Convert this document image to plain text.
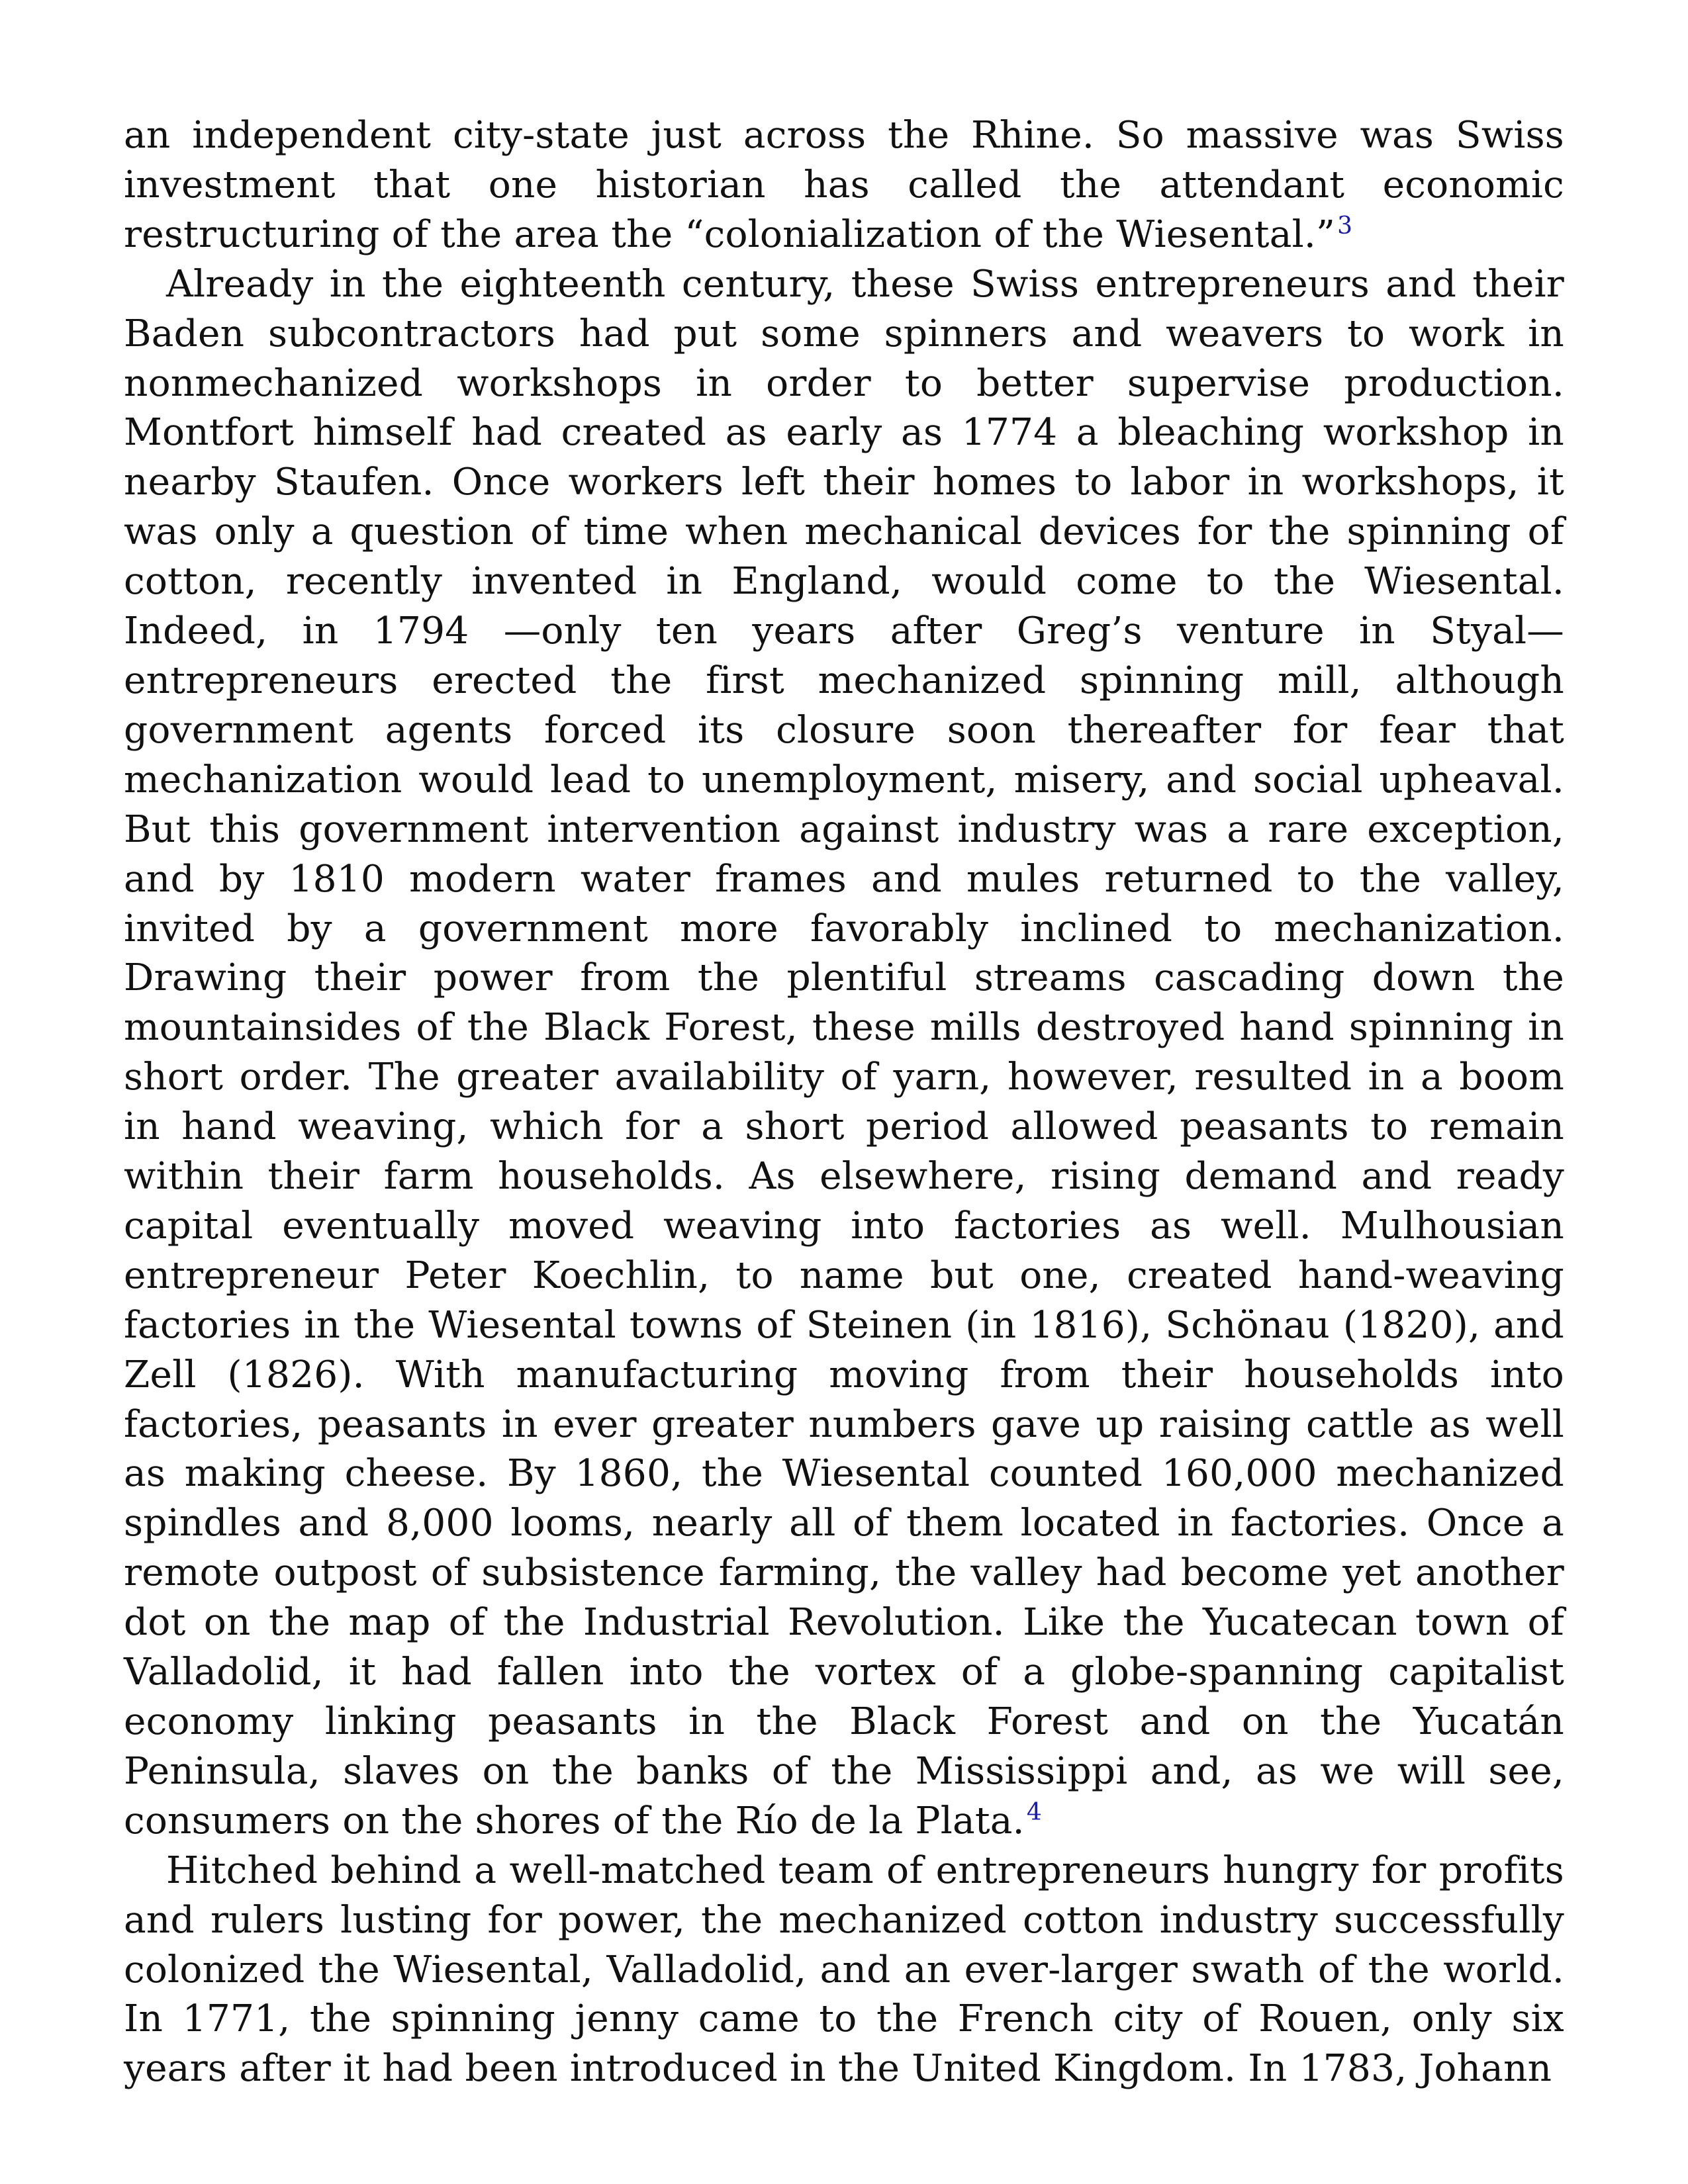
an independent city-state just across the Rhine. So massive was Swiss investment that one historian has called the attendant economic restructuring of the area the “colonialization of the Wiesental.”$^3$

Already in the eighteenth century, these Swiss entrepreneurs and their Baden subcontractors had put some spinners and weavers to work in nonmechanized workshops in order to better supervise production. Montfort himself had created as early as 1774 a bleaching workshop in nearby Staufen. Once workers left their homes to labor in workshops, it was only a question of time when mechanical devices for the spinning of cotton, recently invented in England, would come to the Wiesental. Indeed, in 1794 —only ten years after Greg’s venture in Styal—entrepreneurs erected the first mechanized spinning mill, although government agents forced its closure soon thereafter for fear that mechanization would lead to unemployment, misery, and social upheaval. But this government intervention against industry was a rare exception, and by 1810 modern water frames and mules returned to the valley, invited by a government more favorably inclined to mechanization. Drawing their power from the plentiful streams cascading down the mountainsides of the Black Forest, these mills destroyed hand spinning in short order. The greater availability of yarn, however, resulted in a boom in hand weaving, which for a short period allowed peasants to remain within their farm households. As elsewhere, rising demand and ready capital eventually moved weaving into factories as well. Mulhousian entrepreneur Peter Koechlin, to name but one, created hand-weaving factories in the Wiesental towns of Steinen (in 1816), Schönau (1820), and Zell (1826). With manufacturing moving from their households into factories, peasants in ever greater numbers gave up raising cattle as well as making cheese. By 1860, the Wiesental counted 160,000 mechanized spindles and 8,000 looms, nearly all of them located in factories. Once a remote outpost of subsistence farming, the valley had become yet another dot on the map of the Industrial Revolution. Like the Yucatecan town of Valladolid, it had fallen into the vortex of a globe-spanning capitalist economy linking peasants in the Black Forest and on the Yucatán Peninsula, slaves on the banks of the Mississippi and, as we will see, consumers on the shores of the Río de la Plata.$^4$

Hitched behind a well-matched team of entrepreneurs hungry for profits and rulers lusting for power, the mechanized cotton industry successfully colonized the Wiesental, Valladolid, and an ever-larger swath of the world. In 1771, the spinning jenny came to the French city of Rouen, only six years after it had been introduced in the United Kingdom. In 1783, Johann
